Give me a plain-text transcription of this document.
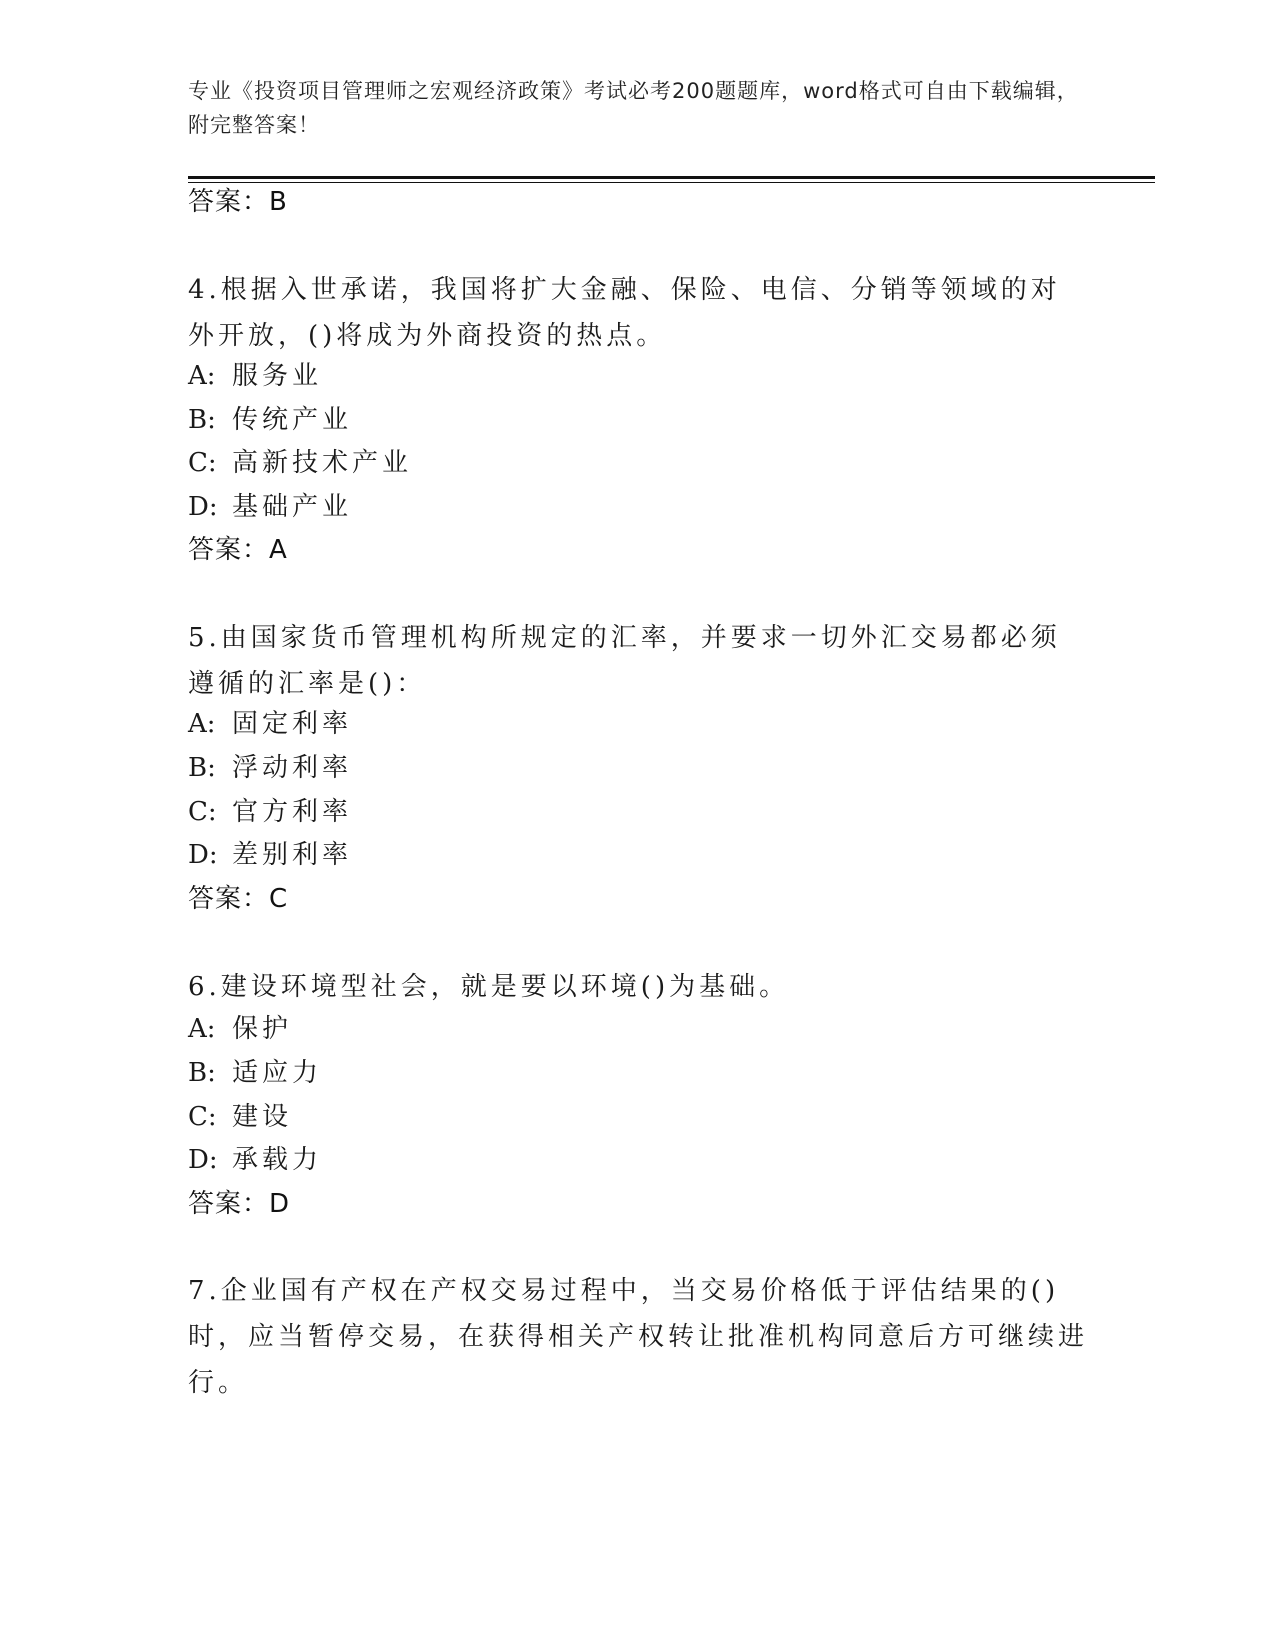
专业《投资项目管理师之宏观经济政策》考试必考200题题库，word格式可自由下载编辑，附完整答案！
答案：B
4.根据入世承诺，我国将扩大金融、保险、电信、分销等领域的对外开放，()将成为外商投资的热点。
A: 服务业
B: 传统产业
C: 高新技术产业
D: 基础产业
答案：A
5.由国家货币管理机构所规定的汇率，并要求一切外汇交易都必须遵循的汇率是()：
A: 固定利率
B: 浮动利率
C: 官方利率
D: 差别利率
答案：C
6.建设环境型社会，就是要以环境()为基础。
A: 保护
B: 适应力
C: 建设
D: 承载力
答案：D
7.企业国有产权在产权交易过程中，当交易价格低于评估结果的()时，应当暂停交易，在获得相关产权转让批准机构同意后方可继续进行。
